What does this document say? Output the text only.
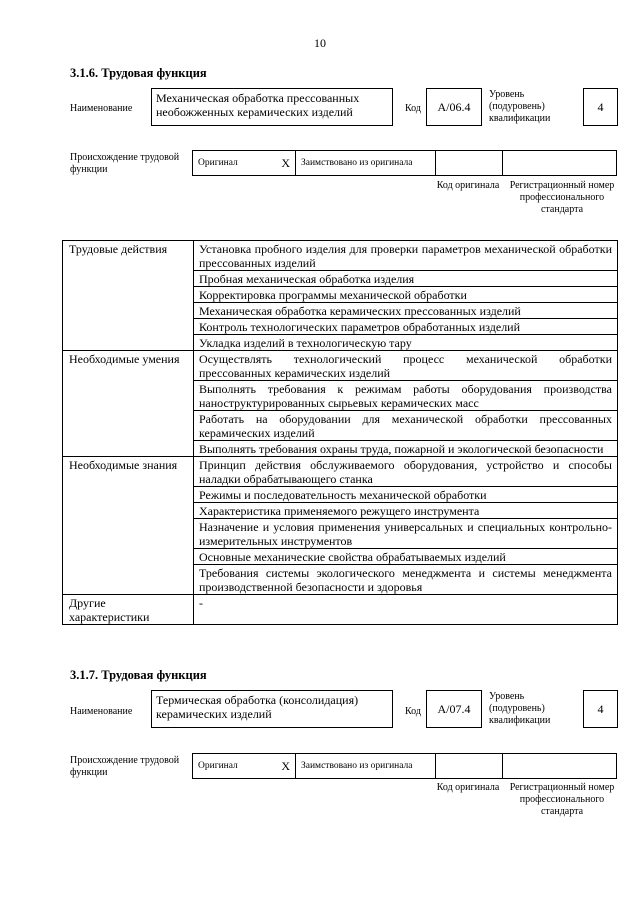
10
3.1.6. Трудовая функция
Наименование
Механическая обработка прессованных необожженных керамических изделий	Код	A/06.4
Уровень (подуровень) квалификации
4
Происхождение трудовой функции
Оригинал	X Заимствовано из оригинала
Код оригинала Регистрационный номер профессионального стандарта
Трудовые действия	Установка пробного изделия для проверки параметров механической обработки прессованных изделий
	Пробная механическая обработка изделия
	Корректировка программы механической обработки
	Механическая обработка керамических прессованных изделий
	Контроль технологических параметров обработанных изделий
	Укладка изделий в технологическую тару
Необходимые умения	Осуществлять технологический процесс механической обработки прессованных керамических изделий
	Выполнять требования к режимам работы оборудования производства наноструктурированных сырьевых керамических масс
	Работать на оборудовании для механической обработки прессованных керамических изделий
	Выполнять требования охраны труда, пожарной и экологической безопасности
Необходимые знания	Принцип действия обслуживаемого оборудования, устройство и способы наладки обрабатывающего станка
	Режимы и последовательность механической обработки
	Характеристика применяемого режущего инструмента
	Назначение и условия применения универсальных и специальных контрольно-измерительных инструментов
	Основные механические свойства обрабатываемых изделий
	Требования системы экологического менеджмента и системы менеджмента производственной безопасности и здоровья
Другие характеристики	-
3.1.7. Трудовая функция
Наименование
Термическая обработка (консолидация) керамических изделий	Код	A/07.4
Уровень (подуровень) квалификации
4
Происхождение трудовой функции
Оригинал	X Заимствовано из оригинала
Код оригинала Регистрационный номер профессионального стандарта
